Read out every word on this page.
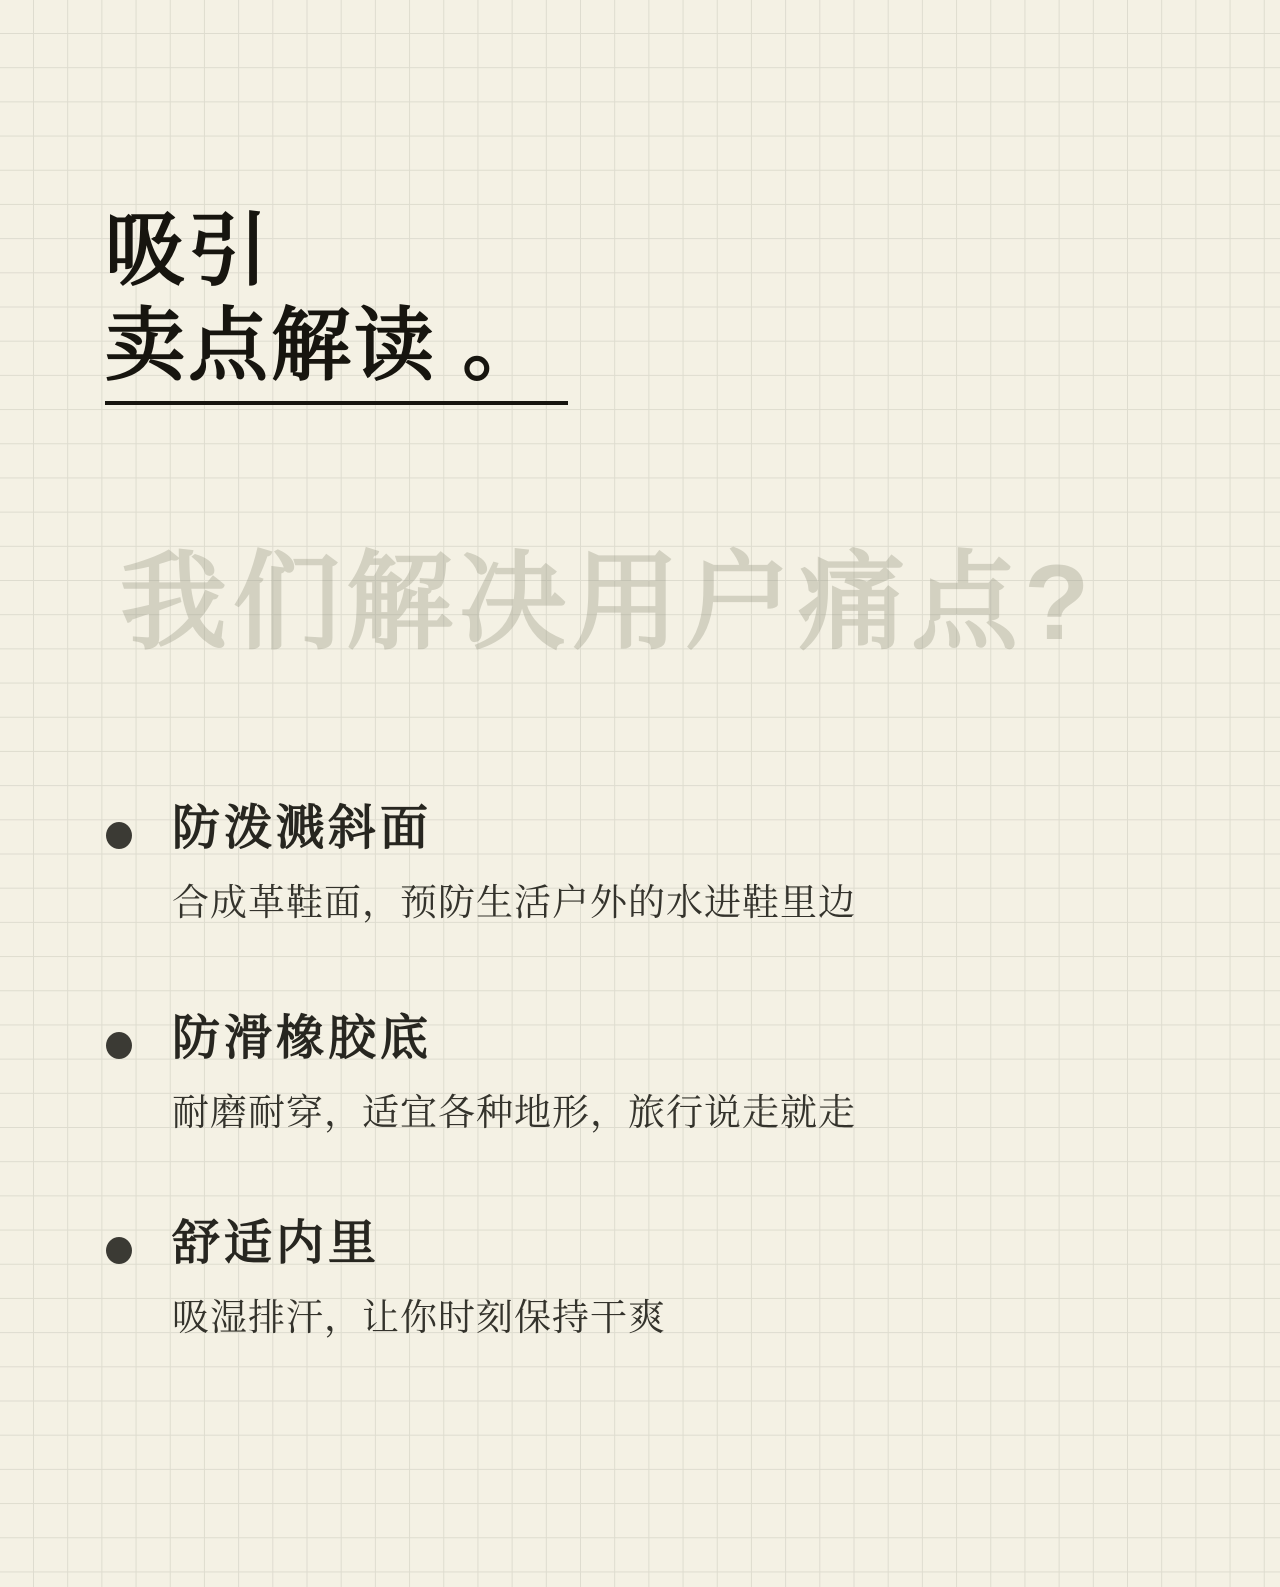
吸引
卖点解读 。
我们解决用户痛点?
防泼溅斜面
合成革鞋面，预防生活户外的水进鞋里边
防滑橡胶底
耐磨耐穿，适宜各种地形，旅行说走就走
舒适内里
吸湿排汗，让你时刻保持干爽
